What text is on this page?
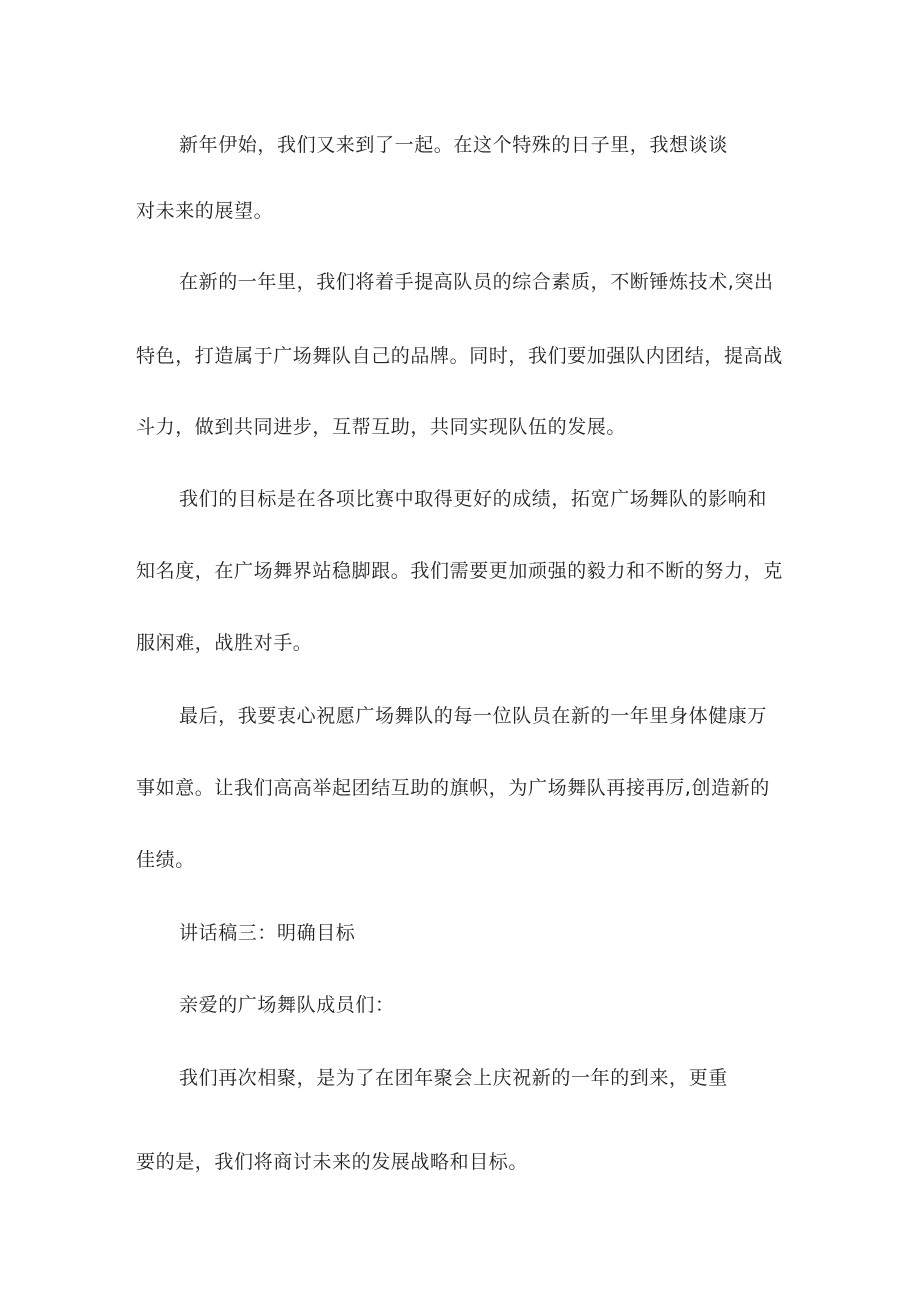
新年伊始，我们又来到了一起。在这个特殊的日子里，我想谈谈
对未来的展望。
在新的一年里，我们将着手提高队员的综合素质，不断锤炼技术,突出
特色，打造属于广场舞队自己的品牌。同时，我们要加强队内团结，提高战
斗力，做到共同进步，互帮互助，共同实现队伍的发展。
我们的目标是在各项比赛中取得更好的成绩，拓宽广场舞队的影响和
知名度，在广场舞界站稳脚跟。我们需要更加顽强的毅力和不断的努力，克
服闲难，战胜对手。
最后，我要衷心祝愿广场舞队的每一位队员在新的一年里身体健康万
事如意。让我们高高举起团结互助的旗帜，为广场舞队再接再厉,创造新的
佳绩。
讲话稿三：明确目标
亲爱的广场舞队成员们：
我们再次相聚，是为了在团年聚会上庆祝新的一年的到来，更重
要的是，我们将商讨未来的发展战略和目标。
